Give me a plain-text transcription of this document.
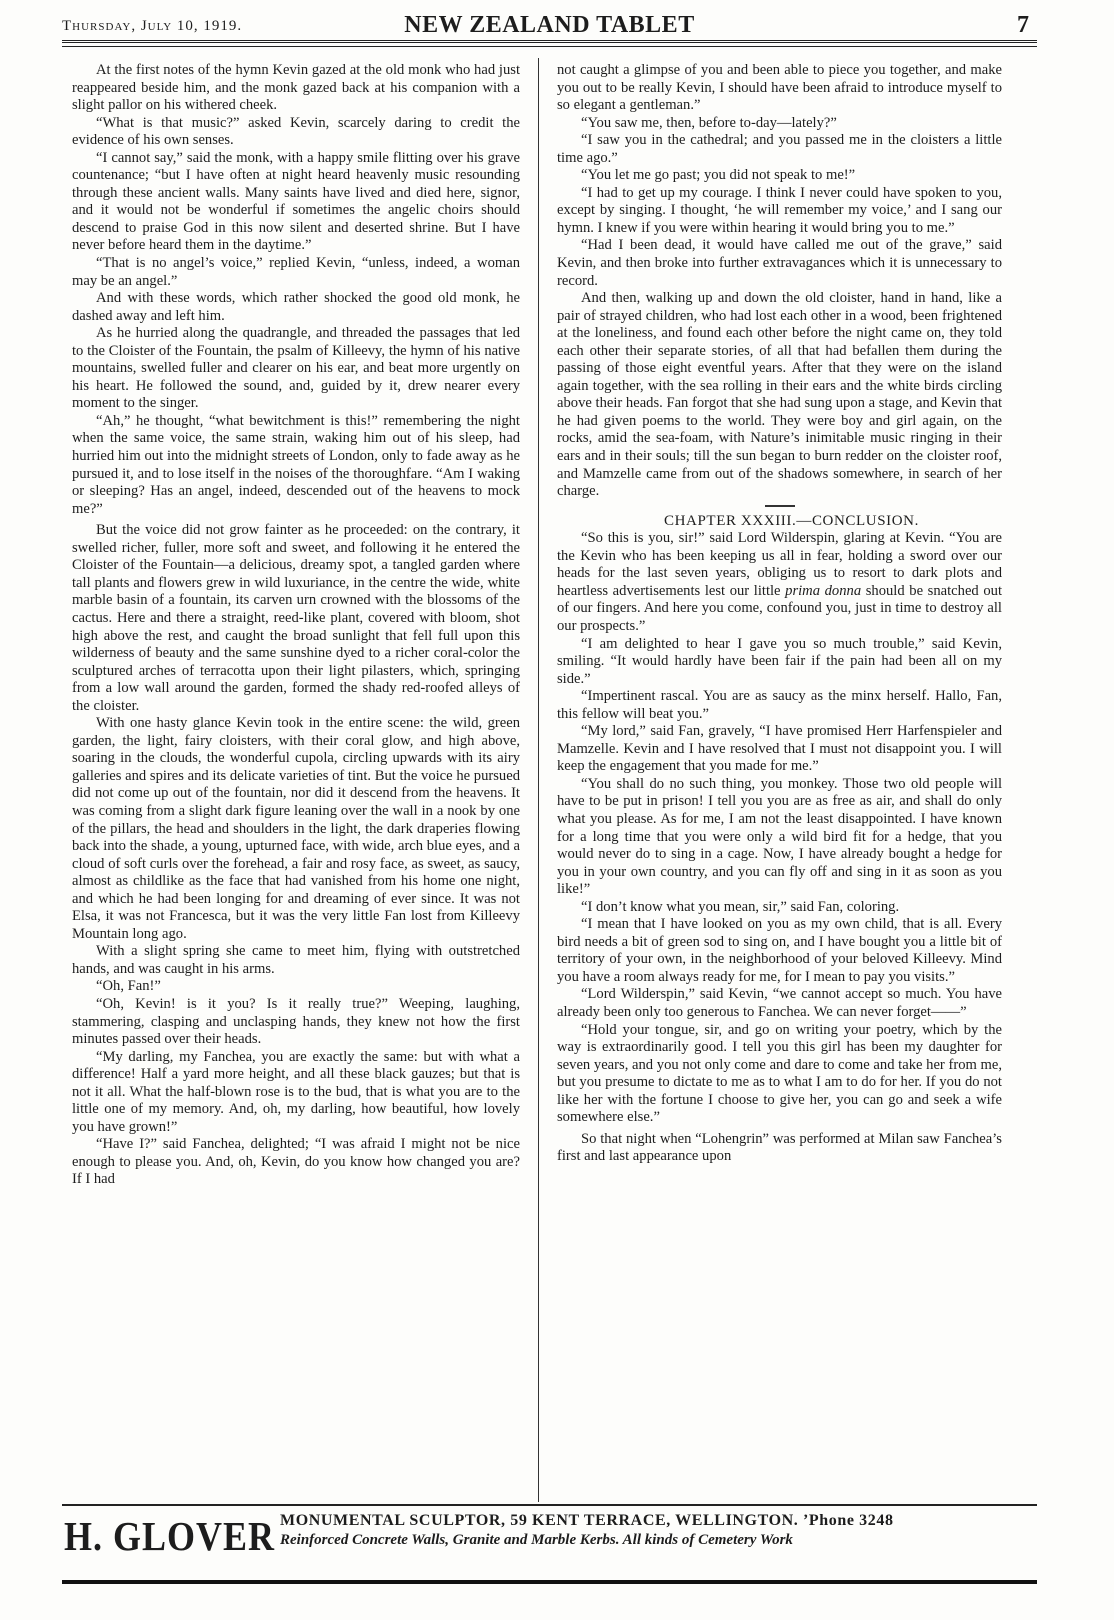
Thursday, July 10, 1919.	NEW ZEALAND TABLET	7

At the first notes of the hymn Kevin gazed at the old monk who had just reappeared beside him, and the monk gazed back at his companion with a slight pallor on his withered cheek.

“What is that music?” asked Kevin, scarcely daring to credit the evidence of his own senses.

“I cannot say,” said the monk, with a happy smile flitting over his grave countenance; “but I have often at night heard heavenly music resounding through these ancient walls. Many saints have lived and died here, signor, and it would not be wonderful if sometimes the angelic choirs should descend to praise God in this now silent and deserted shrine. But I have never before heard them in the daytime.”

“That is no angel’s voice,” replied Kevin, “unless, indeed, a woman may be an angel.”

And with these words, which rather shocked the good old monk, he dashed away and left him.

As he hurried along the quadrangle, and threaded the passages that led to the Cloister of the Fountain, the psalm of Killeevy, the hymn of his native mountains, swelled fuller and clearer on his ear, and beat more urgently on his heart. He followed the sound, and, guided by it, drew nearer every moment to the singer.

“Ah,” he thought, “what bewitchment is this!” remembering the night when the same voice, the same strain, waking him out of his sleep, had hurried him out into the midnight streets of London, only to fade away as he pursued it, and to lose itself in the noises of the thoroughfare. “Am I waking or sleeping? Has an angel, indeed, descended out of the heavens to mock me?”

But the voice did not grow fainter as he proceeded: on the contrary, it swelled richer, fuller, more soft and sweet, and following it he entered the Cloister of the Fountain—a delicious, dreamy spot, a tangled garden where tall plants and flowers grew in wild luxuriance, in the centre the wide, white marble basin of a fountain, its carven urn crowned with the blossoms of the cactus. Here and there a straight, reed-like plant, covered with bloom, shot high above the rest, and caught the broad sunlight that fell full upon this wilderness of beauty and the same sunshine dyed to a richer coral-color the sculptured arches of terracotta upon their light pilasters, which, springing from a low wall around the garden, formed the shady red-roofed alleys of the cloister.

With one hasty glance Kevin took in the entire scene: the wild, green garden, the light, fairy cloisters, with their coral glow, and high above, soaring in the clouds, the wonderful cupola, circling upwards with its airy galleries and spires and its delicate varieties of tint. But the voice he pursued did not come up out of the fountain, nor did it descend from the heavens. It was coming from a slight dark figure leaning over the wall in a nook by one of the pillars, the head and shoulders in the light, the dark draperies flowing back into the shade, a young, upturned face, with wide, arch blue eyes, and a cloud of soft curls over the forehead, a fair and rosy face, as sweet, as saucy, almost as childlike as the face that had vanished from his home one night, and which he had been longing for and dreaming of ever since. It was not Elsa, it was not Francesca, but it was the very little Fan lost from Killeevy Mountain long ago.

With a slight spring she came to meet him, flying with outstretched hands, and was caught in his arms.

“Oh, Fan!”

“Oh, Kevin! is it you? Is it really true?” Weeping, laughing, stammering, clasping and unclasping hands, they knew not how the first minutes passed over their heads.

“My darling, my Fanchea, you are exactly the same: but with what a difference! Half a yard more height, and all these black gauzes; but that is not it all. What the half-blown rose is to the bud, that is what you are to the little one of my memory. And, oh, my darling, how beautiful, how lovely you have grown!”

“Have I?” said Fanchea, delighted; “I was afraid I might not be nice enough to please you. And, oh, Kevin, do you know how changed you are? If I had

not caught a glimpse of you and been able to piece you together, and make you out to be really Kevin, I should have been afraid to introduce myself to so elegant a gentleman.”

“You saw me, then, before to-day—lately?”

“I saw you in the cathedral; and you passed me in the cloisters a little time ago.”

“You let me go past; you did not speak to me!”

“I had to get up my courage. I think I never could have spoken to you, except by singing. I thought, ‘he will remember my voice,’ and I sang our hymn. I knew if you were within hearing it would bring you to me.”

“Had I been dead, it would have called me out of the grave,” said Kevin, and then broke into further extravagances which it is unnecessary to record.

And then, walking up and down the old cloister, hand in hand, like a pair of strayed children, who had lost each other in a wood, been frightened at the loneliness, and found each other before the night came on, they told each other their separate stories, of all that had befallen them during the passing of those eight eventful years. After that they were on the island again together, with the sea rolling in their ears and the white birds circling above their heads. Fan forgot that she had sung upon a stage, and Kevin that he had given poems to the world. They were boy and girl again, on the rocks, amid the sea-foam, with Nature’s inimitable music ringing in their ears and in their souls; till the sun began to burn redder on the cloister roof, and Mamzelle came from out of the shadows somewhere, in search of her charge.

CHAPTER XXXIII.—CONCLUSION.

“So this is you, sir!” said Lord Wilderspin, glaring at Kevin. “You are the Kevin who has been keeping us all in fear, holding a sword over our heads for the last seven years, obliging us to resort to dark plots and heartless advertisements lest our little prima donna should be snatched out of our fingers. And here you come, confound you, just in time to destroy all our prospects.”

“I am delighted to hear I gave you so much trouble,” said Kevin, smiling. “It would hardly have been fair if the pain had been all on my side.”

“Impertinent rascal. You are as saucy as the minx herself. Hallo, Fan, this fellow will beat you.”

“My lord,” said Fan, gravely, “I have promised Herr Harfenspieler and Mamzelle. Kevin and I have resolved that I must not disappoint you. I will keep the engagement that you made for me.”

“You shall do no such thing, you monkey. Those two old people will have to be put in prison! I tell you you are as free as air, and shall do only what you please. As for me, I am not the least disappointed. I have known for a long time that you were only a wild bird fit for a hedge, that you would never do to sing in a cage. Now, I have already bought a hedge for you in your own country, and you can fly off and sing in it as soon as you like!”

“I don’t know what you mean, sir,” said Fan, coloring.

“I mean that I have looked on you as my own child, that is all. Every bird needs a bit of green sod to sing on, and I have bought you a little bit of territory of your own, in the neighborhood of your beloved Killeevy. Mind you have a room always ready for me, for I mean to pay you visits.”

“Lord Wilderspin,” said Kevin, “we cannot accept so much. You have already been only too generous to Fanchea. We can never forget——”

“Hold your tongue, sir, and go on writing your poetry, which by the way is extraordinarily good. I tell you this girl has been my daughter for seven years, and you not only come and dare to come and take her from me, but you presume to dictate to me as to what I am to do for her. If you do not like her with the fortune I choose to give her, you can go and seek a wife somewhere else.”

So that night when “Lohengrin” was performed at Milan saw Fanchea’s first and last appearance upon

H. GLOVER MONUMENTAL SCULPTOR, 59 KENT TERRACE, WELLINGTON. ’Phone 3248
Reinforced Concrete Walls, Granite and Marble Kerbs. All kinds of Cemetery Work
